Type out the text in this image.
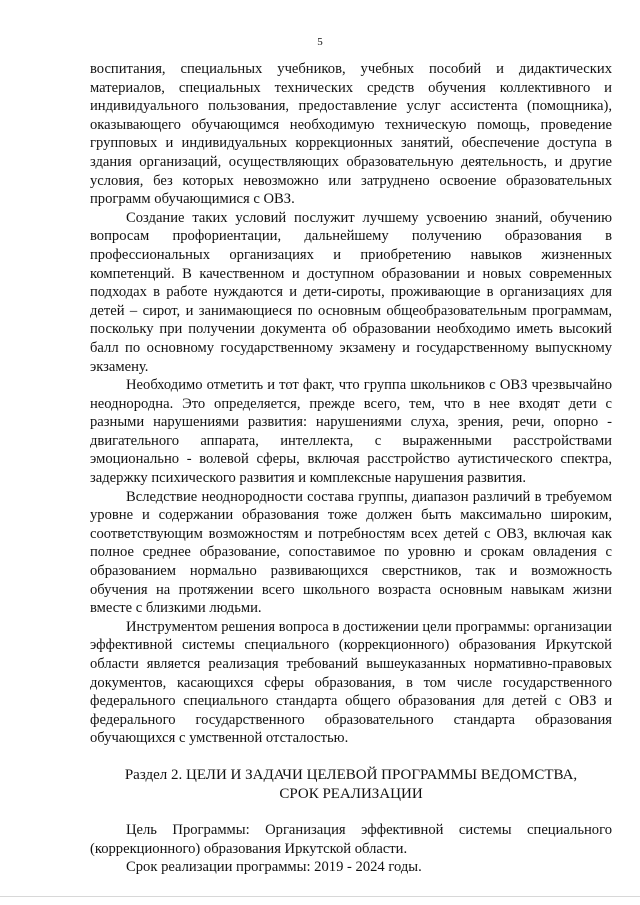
5

воспитания, специальных учебников, учебных пособий и дидактических материалов, специальных технических средств обучения коллективного и индивидуального пользования, предоставление услуг ассистента (помощника), оказывающего обучающимся необходимую техническую помощь, проведение групповых и индивидуальных коррекционных занятий, обеспечение доступа в здания организаций, осуществляющих образовательную деятельность, и другие условия, без которых невозможно или затруднено освоение образовательных программ обучающимися с ОВЗ.

Создание таких условий послужит лучшему усвоению знаний, обучению вопросам профориентации, дальнейшему получению образования в профессиональных организациях и приобретению навыков жизненных компетенций. В качественном и доступном образовании и новых современных подходах в работе нуждаются и дети-сироты, проживающие в организациях для детей – сирот, и занимающиеся по основным общеобразовательным программам, поскольку при получении документа об образовании необходимо иметь высокий балл по основному государственному экзамену и государственному выпускному экзамену.

Необходимо отметить и тот факт, что группа школьников с ОВЗ чрезвычайно неоднородна. Это определяется, прежде всего, тем, что в нее входят дети с разными нарушениями развития: нарушениями слуха, зрения, речи, опорно - двигательного аппарата, интеллекта, с выраженными расстройствами эмоционально - волевой сферы, включая расстройство аутистического спектра, задержку психического развития и комплексные нарушения развития.

Вследствие неоднородности состава группы, диапазон различий в требуемом уровне и содержании образования тоже должен быть максимально широким, соответствующим возможностям и потребностям всех детей с ОВЗ, включая как полное среднее образование, сопоставимое по уровню и срокам овладения с образованием нормально развивающихся сверстников, так и возможность обучения на протяжении всего школьного возраста основным навыкам жизни вместе с близкими людьми.

Инструментом решения вопроса в достижении цели программы: организации эффективной системы специального (коррекционного) образования Иркутской области является реализация требований вышеуказанных нормативно-правовых документов, касающихся сферы образования, в том числе государственного федерального специального стандарта общего образования для детей с ОВЗ и федерального государственного образовательного стандарта образования обучающихся с умственной отсталостью.

Раздел 2. ЦЕЛИ И ЗАДАЧИ ЦЕЛЕВОЙ ПРОГРАММЫ ВЕДОМСТВА,
СРОК РЕАЛИЗАЦИИ

Цель Программы: Организация эффективной системы специального (коррекционного) образования Иркутской области.

Срок реализации программы: 2019 - 2024 годы.
